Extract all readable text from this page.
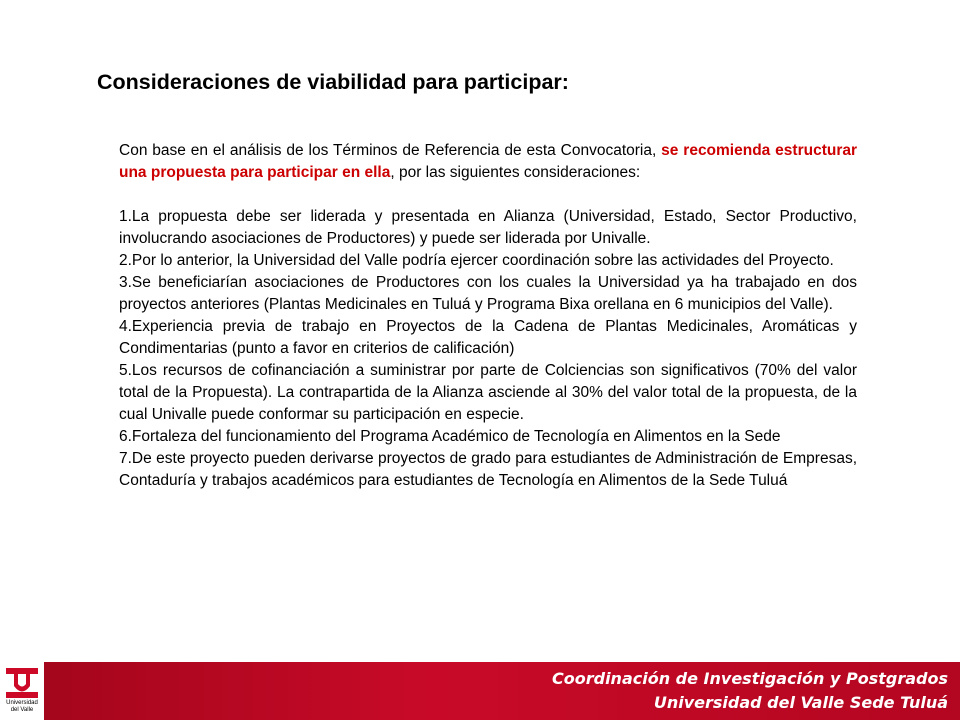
Consideraciones de viabilidad para participar:

Con base en el análisis de los Términos de Referencia de esta Convocatoria, se recomienda estructurar una propuesta para participar en ella, por las siguientes consideraciones:

1.La propuesta debe ser liderada y presentada en Alianza (Universidad, Estado, Sector Productivo, involucrando asociaciones de Productores) y puede ser liderada por Univalle.

2.Por lo anterior, la Universidad del Valle podría ejercer coordinación sobre las actividades del Proyecto.

3.Se beneficiarían asociaciones de Productores con los cuales la Universidad ya ha trabajado en dos proyectos anteriores (Plantas Medicinales en Tuluá y Programa Bixa orellana en 6 municipios del Valle).

4.Experiencia previa de trabajo en Proyectos de la Cadena de Plantas Medicinales, Aromáticas y Condimentarias (punto a favor en criterios de calificación)

5.Los recursos de cofinanciación a suministrar por parte de Colciencias son significativos (70% del valor total de la Propuesta). La contrapartida de la Alianza asciende al 30% del valor total de la propuesta, de la cual Univalle puede conformar su participación en especie.

6.Fortaleza del funcionamiento del Programa Académico de Tecnología en Alimentos en la Sede

7.De este proyecto pueden derivarse proyectos de grado para estudiantes de Administración de Empresas, Contaduría y trabajos académicos para estudiantes de Tecnología en Alimentos de la Sede Tuluá

Universidad
del Valle
Coordinación de Investigación y Postgrados
Universidad del Valle Sede Tuluá
